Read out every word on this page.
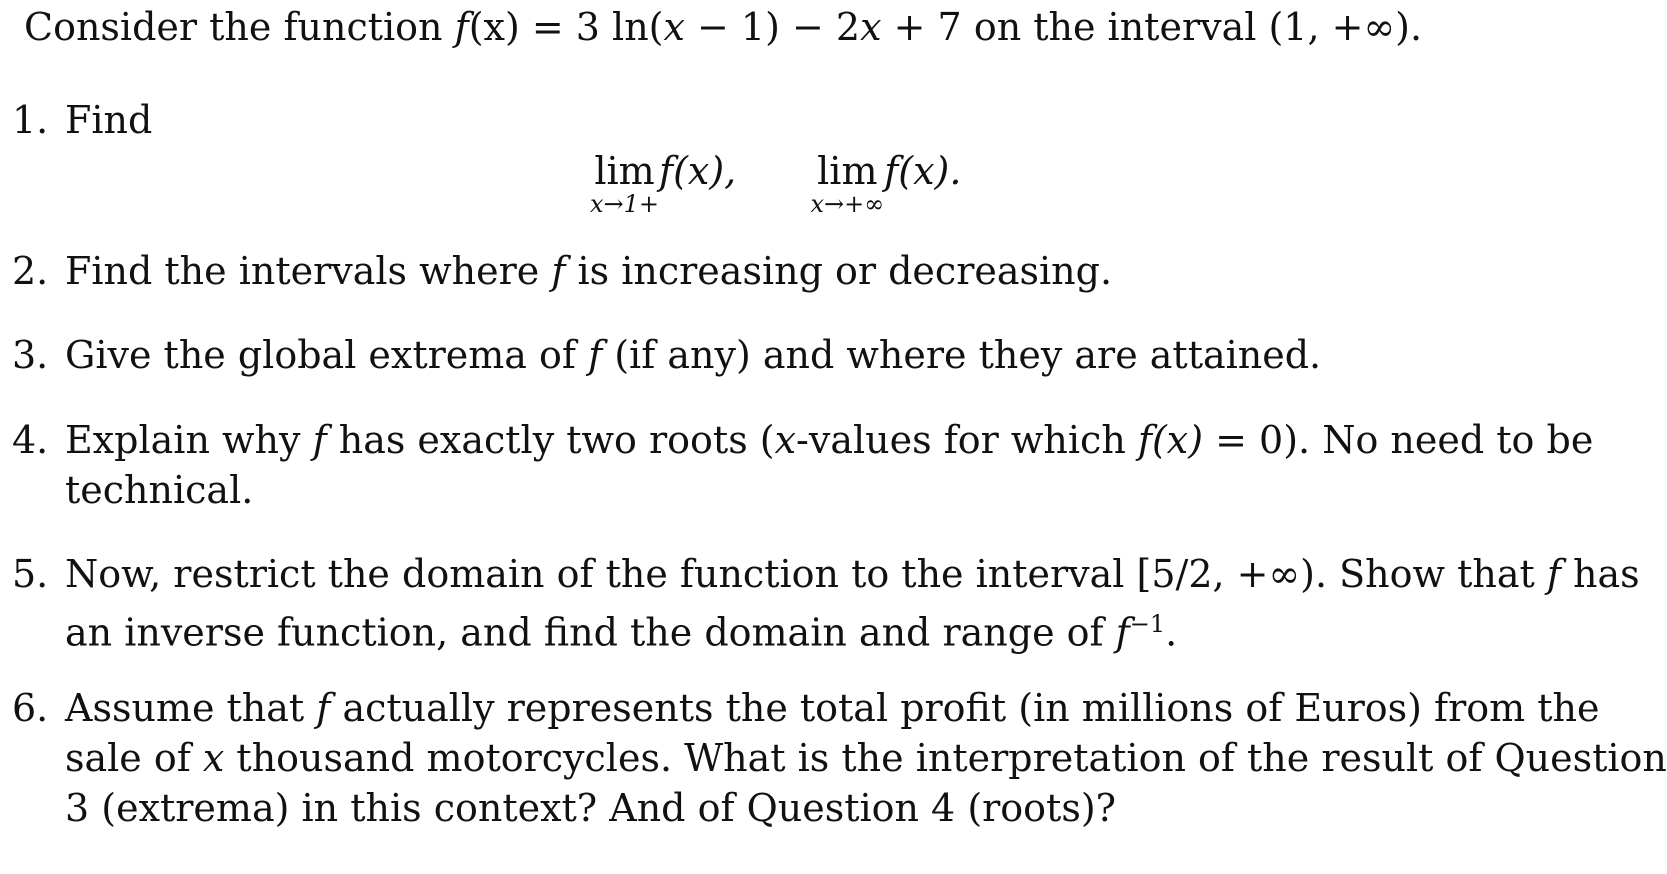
Consider the function f(x) = 3 ln(x − 1) − 2x + 7 on the interval (1, +∞).
1. Find
lim
x→1+
f(x), lim
x→+∞
f(x).
2. Find the intervals where f is increasing or decreasing.
3. Give the global extrema of f (if any) and where they are attained.
4. Explain why f has exactly two roots (x-values for which f(x) = 0). No need to be
technical.
5. Now, restrict the domain of the function to the interval [5/2, +∞). Show that f has
an inverse function, and find the domain and range of $f^{-1}$.
6. Assume that f actually represents the total profit (in millions of Euros) from the
sale of x thousand motorcycles. What is the interpretation of the result of Question
3 (extrema) in this context? And of Question 4 (roots)?
